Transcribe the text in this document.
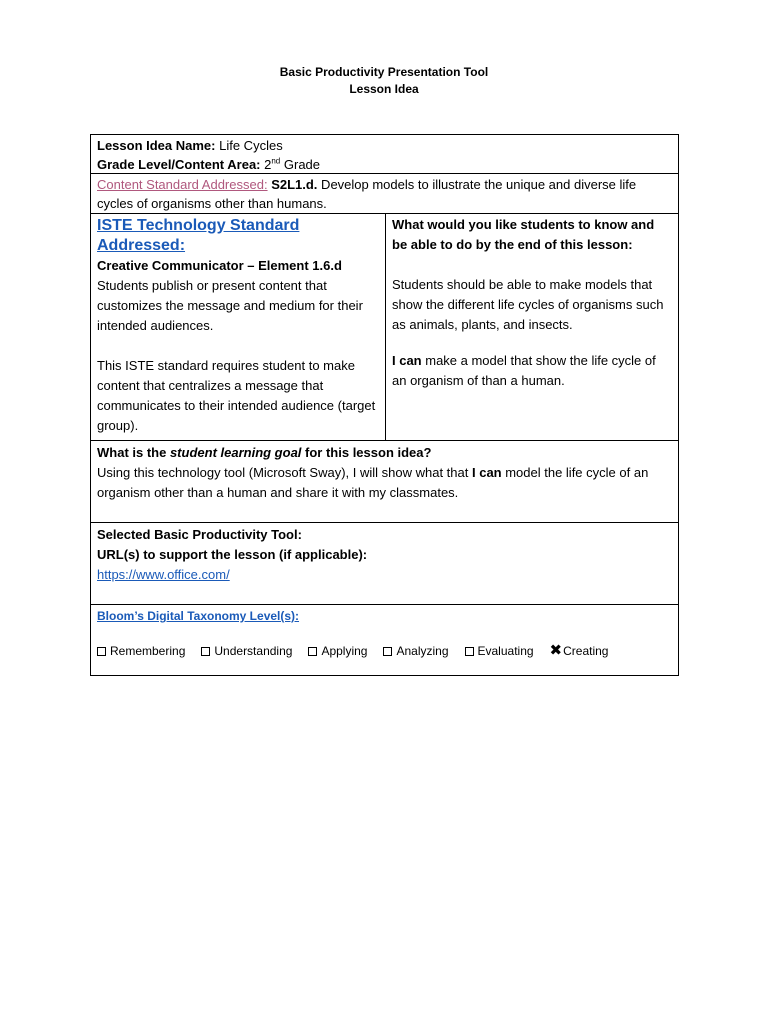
Basic Productivity Presentation Tool
Lesson Idea
Lesson Idea Name: Life Cycles
Grade Level/Content Area: 2nd Grade
Content Standard Addressed: S2L1.d. Develop models to illustrate the unique and diverse life cycles of organisms other than humans.
ISTE Technology Standard Addressed:
Creative Communicator – Element 1.6.d

Students publish or present content that customizes the message and medium for their intended audiences.

This ISTE standard requires student to make content that centralizes a message that communicates to their intended audience (target group).

What would you like students to know and be able to do by the end of this lesson:

Students should be able to make models that show the different life cycles of organisms such as animals, plants, and insects.

I can make a model that show the life cycle of an organism of than a human.

What is the student learning goal for this lesson idea?
Using this technology tool (Microsoft Sway), I will show what that I can model the life cycle of an organism other than a human and share it with my classmates.
Selected Basic Productivity Tool:
URL(s) to support the lesson (if applicable):
https://www.office.com/
Bloom’s Digital Taxonomy Level(s):
Remembering Understanding Applying Analyzing Evaluating ✖ Creating
